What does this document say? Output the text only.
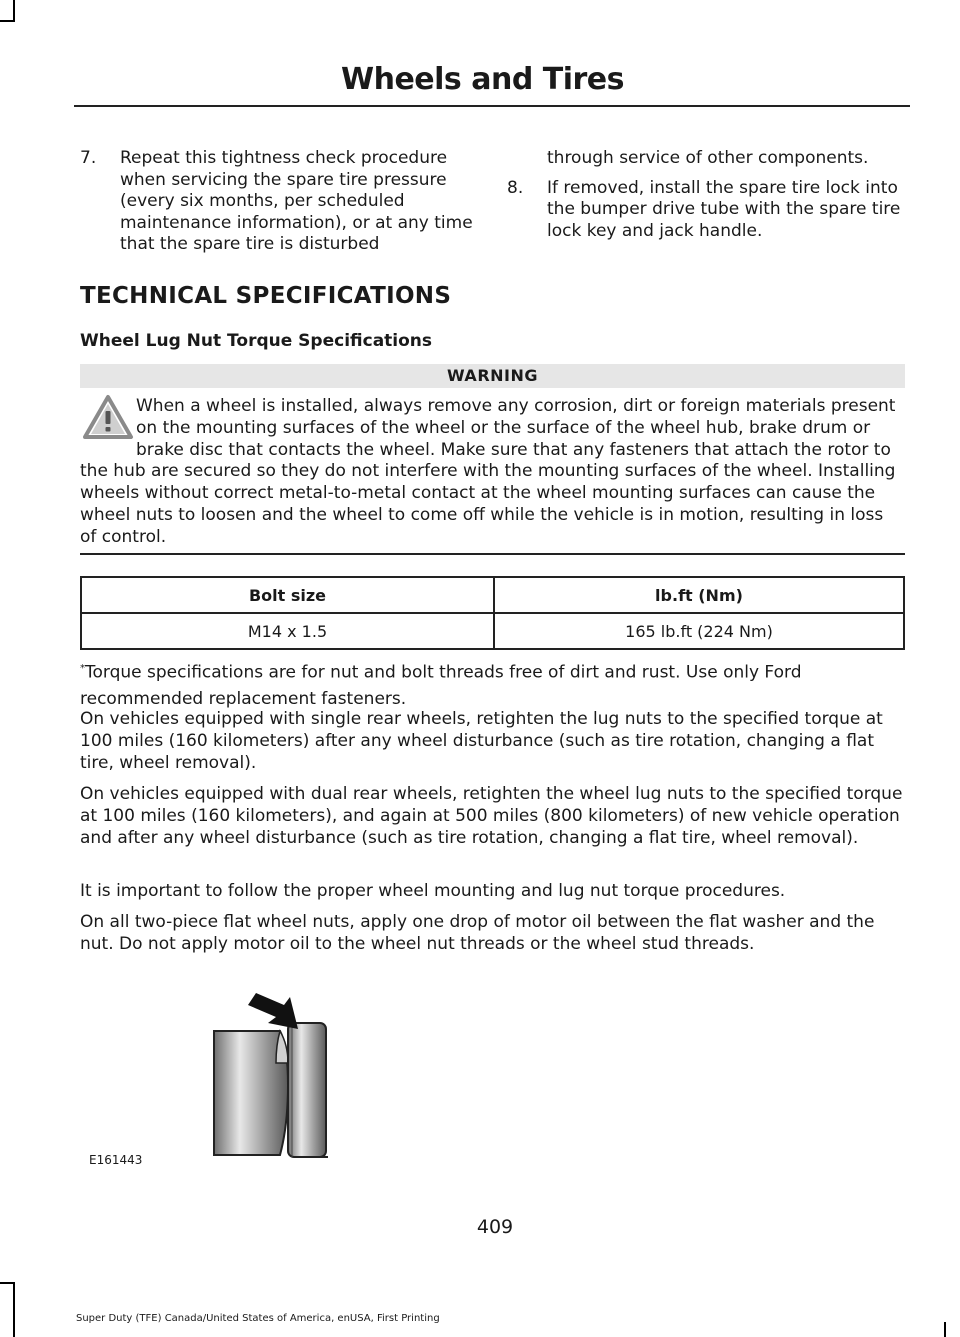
Wheels and Tires
7.	Repeat this tightness check procedure when servicing the spare tire pressure (every six months, per scheduled maintenance information), or at any time that the spare tire is disturbed
through service of other components.
8.	If removed, install the spare tire lock into the bumper drive tube with the spare tire lock key and jack handle.
TECHNICAL SPECIFICATIONS
Wheel Lug Nut Torque Specifications
WARNING
When a wheel is installed, always remove any corrosion, dirt or foreign materials present on the mounting surfaces of the wheel or the surface of the wheel hub, brake drum or brake disc that contacts the wheel. Make sure that any fasteners that attach the rotor to the hub are secured so they do not interfere with the mounting surfaces of the wheel. Installing wheels without correct metal-to-metal contact at the wheel mounting surfaces can cause the wheel nuts to loosen and the wheel to come off while the vehicle is in motion, resulting in loss of control.
Bolt size	lb.ft (Nm)
M14 x 1.5	165 lb.ft (224 Nm)
*Torque specifications are for nut and bolt threads free of dirt and rust. Use only Ford recommended replacement fasteners.
On vehicles equipped with single rear wheels, retighten the lug nuts to the specified torque at 100 miles (160 kilometers) after any wheel disturbance (such as tire rotation, changing a flat tire, wheel removal).
On vehicles equipped with dual rear wheels, retighten the wheel lug nuts to the specified torque at 100 miles (160 kilometers), and again at 500 miles (800 kilometers) of new vehicle operation and after any wheel disturbance (such as tire rotation, changing a flat tire, wheel removal).
It is important to follow the proper wheel mounting and lug nut torque procedures.
On all two-piece flat wheel nuts, apply one drop of motor oil between the flat washer and the nut. Do not apply motor oil to the wheel nut threads or the wheel stud threads.
E161443
409
Super Duty (TFE) Canada/United States of America, enUSA, First Printing
